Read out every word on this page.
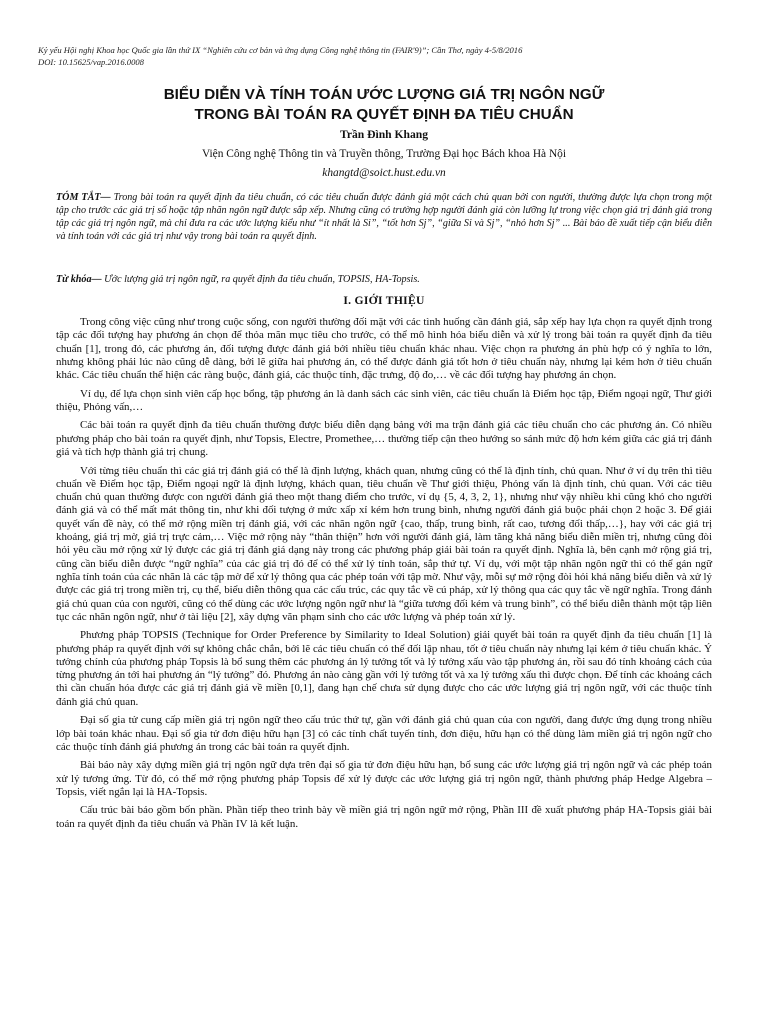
Kỷ yếu Hội nghị Khoa học Quốc gia lần thứ IX “Nghiên cứu cơ bản và ứng dụng Công nghệ thông tin (FAIR'9)”; Cần Thơ, ngày 4-5/8/2016
DOI: 10.15625/vap.2016.0008
BIỂU DIỄN VÀ TÍNH TOÁN ƯỚC LƯỢNG GIÁ TRỊ NGÔN NGỮ
TRONG BÀI TOÁN RA QUYẾT ĐỊNH ĐA TIÊU CHUẨN
Trần Đình Khang
Viện Công nghệ Thông tin và Truyền thông, Trường Đại học Bách khoa Hà Nội
khangtd@soict.hust.edu.vn
TÓM TẮT— Trong bài toán ra quyết định đa tiêu chuẩn, có các tiêu chuẩn được đánh giá một cách chủ quan bởi con người, thường được lựa chọn trong một tập cho trước các giá trị số hoặc tập nhãn ngôn ngữ được sắp xếp. Nhưng cũng có trường hợp người đánh giá còn lưỡng lự trong việc chọn giá trị đánh giá trong tập các giá trị ngôn ngữ, mà chỉ đưa ra các ước lượng kiểu như “ít nhất là Si”, “tốt hơn Sj”, “giữa Si và Sj”, “nhỏ hơn Sj” ... Bài báo đề xuất tiếp cận biểu diễn và tính toán với các giá trị như vậy trong bài toán ra quyết định.
Từ khóa— Ước lượng giá trị ngôn ngữ, ra quyết định đa tiêu chuẩn, TOPSIS, HA-Topsis.
I. GIỚI THIỆU

Trong công việc cũng như trong cuộc sống, con người thường đối mặt với các tình huống cần đánh giá, sắp xếp hay lựa chọn ra quyết định trong tập các đối tượng hay phương án chọn để thỏa mãn mục tiêu cho trước, có thể mô hình hóa biểu diễn và xử lý trong bài toán ra quyết định đa tiêu chuẩn [1], trong đó, các phương án, đối tượng được đánh giá bởi nhiều tiêu chuẩn khác nhau. Việc chọn ra phương án phù hợp có ý nghĩa to lớn, nhưng không phải lúc nào cũng dễ dàng, bởi lẽ giữa hai phương án, có thể được đánh giá tốt hơn ở tiêu chuẩn này, nhưng lại kém hơn ở tiêu chuẩn khác. Các tiêu chuẩn thể hiện các ràng buộc, đánh giá, các thuộc tính, đặc trưng, độ đo,… về các đối tượng hay phương án chọn.

Ví dụ, để lựa chọn sinh viên cấp học bổng, tập phương án là danh sách các sinh viên, các tiêu chuẩn là Điểm học tập, Điểm ngoại ngữ, Thư giới thiệu, Phỏng vấn,…

Các bài toán ra quyết định đa tiêu chuẩn thường được biểu diễn dạng bảng với ma trận đánh giá các tiêu chuẩn cho các phương án. Có nhiều phương pháp cho bài toán ra quyết định, như Topsis, Electre, Promethee,… thường tiếp cận theo hướng so sánh mức độ hơn kém giữa các giá trị đánh giá và tích hợp thành giá trị chung.

Với từng tiêu chuẩn thì các giá trị đánh giá có thể là định lượng, khách quan, nhưng cũng có thể là định tính, chủ quan. Như ở ví dụ trên thì tiêu chuẩn về Điểm học tập, Điểm ngoại ngữ là định lượng, khách quan, tiêu chuẩn về Thư giới thiệu, Phỏng vấn là định tính, chủ quan. Với các tiêu chuẩn chủ quan thường được con người đánh giá theo một thang điểm cho trước, ví dụ {5, 4, 3, 2, 1}, nhưng như vậy nhiều khi cũng khó cho người đánh giá và có thể mất mát thông tin, như khi đối tượng ở mức xấp xỉ kém hơn trung bình, nhưng người đánh giá buộc phải chọn 2 hoặc 3. Để giải quyết vấn đề này, có thể mở rộng miền trị đánh giá, với các nhãn ngôn ngữ {cao, thấp, trung bình, rất cao, tương đối thấp,…}, hay với các giá trị khoảng, giá trị mờ, giá trị trực cảm,… Việc mở rộng này “thân thiện” hơn với người đánh giá, làm tăng khả năng biểu diễn miền trị, nhưng cũng đòi hỏi yêu cầu mở rộng xử lý được các giá trị đánh giá dạng này trong các phương pháp giải bài toán ra quyết định. Nghĩa là, bên cạnh mở rộng giá trị, cũng cần biểu diễn được “ngữ nghĩa” của các giá trị đó để có thể xử lý tính toán, sắp thứ tự. Ví dụ, với một tập nhãn ngôn ngữ thì có thể gán ngữ nghĩa tính toán của các nhãn là các tập mờ để xử lý thông qua các phép toán với tập mờ. Như vậy, mỗi sự mở rộng đòi hỏi khả năng biểu diễn và xử lý được các giá trị trong miền trị, cụ thể, biểu diễn thông qua các cấu trúc, các quy tắc về cú pháp, xử lý thông qua các quy tắc về ngữ nghĩa. Trong đánh giá chủ quan của con người, cũng có thể dùng các ước lượng ngôn ngữ như là “giữa tương đối kém và trung bình”, có thể biểu diễn thành một tập liên tục các nhãn ngôn ngữ, như ở tài liệu [2], xây dựng văn phạm sinh cho các ước lượng và phép toán xử lý.

Phương pháp TOPSIS (Technique for Order Preference by Similarity to Ideal Solution) giải quyết bài toán ra quyết định đa tiêu chuẩn [1] là phương pháp ra quyết định với sự không chắc chắn, bởi lẽ các tiêu chuẩn có thể đối lập nhau, tốt ở tiêu chuẩn này nhưng lại kém ở tiêu chuẩn khác. Ý tưởng chính của phương pháp Topsis là bổ sung thêm các phương án lý tưởng tốt và lý tưởng xấu vào tập phương án, rồi sau đó tính khoảng cách của từng phương án tới hai phương án “lý tưởng” đó. Phương án nào càng gần với lý tưởng tốt và xa lý tưởng xấu thì được chọn. Để tính các khoảng cách thì cần chuẩn hóa được các giá trị đánh giá về miền [0,1], đang hạn chế chưa sử dụng được cho các ước lượng giá trị ngôn ngữ, với các thuộc tính đánh giá chủ quan.

Đại số gia tử cung cấp miền giá trị ngôn ngữ theo cấu trúc thứ tự, gần với đánh giá chủ quan của con người, đang được ứng dụng trong nhiều lớp bài toán khác nhau. Đại số gia tử đơn điệu hữu hạn [3] có các tính chất tuyến tính, đơn điệu, hữu hạn có thể dùng làm miền giá trị ngôn ngữ cho các thuộc tính đánh giá phương án trong các bài toán ra quyết định.

Bài báo này xây dựng miền giá trị ngôn ngữ dựa trên đại số gia tử đơn điệu hữu hạn, bổ sung các ước lượng giá trị ngôn ngữ và các phép toán xử lý tương ứng. Từ đó, có thể mở rộng phương pháp Topsis để xử lý được các ước lượng giá trị ngôn ngữ, thành phương pháp Hedge Algebra – Topsis, viết ngắn lại là HA-Topsis.

Cấu trúc bài báo gồm bốn phần. Phần tiếp theo trình bày về miền giá trị ngôn ngữ mở rộng, Phần III đề xuất phương pháp HA-Topsis giải bài toán ra quyết định đa tiêu chuẩn và Phần IV là kết luận.
